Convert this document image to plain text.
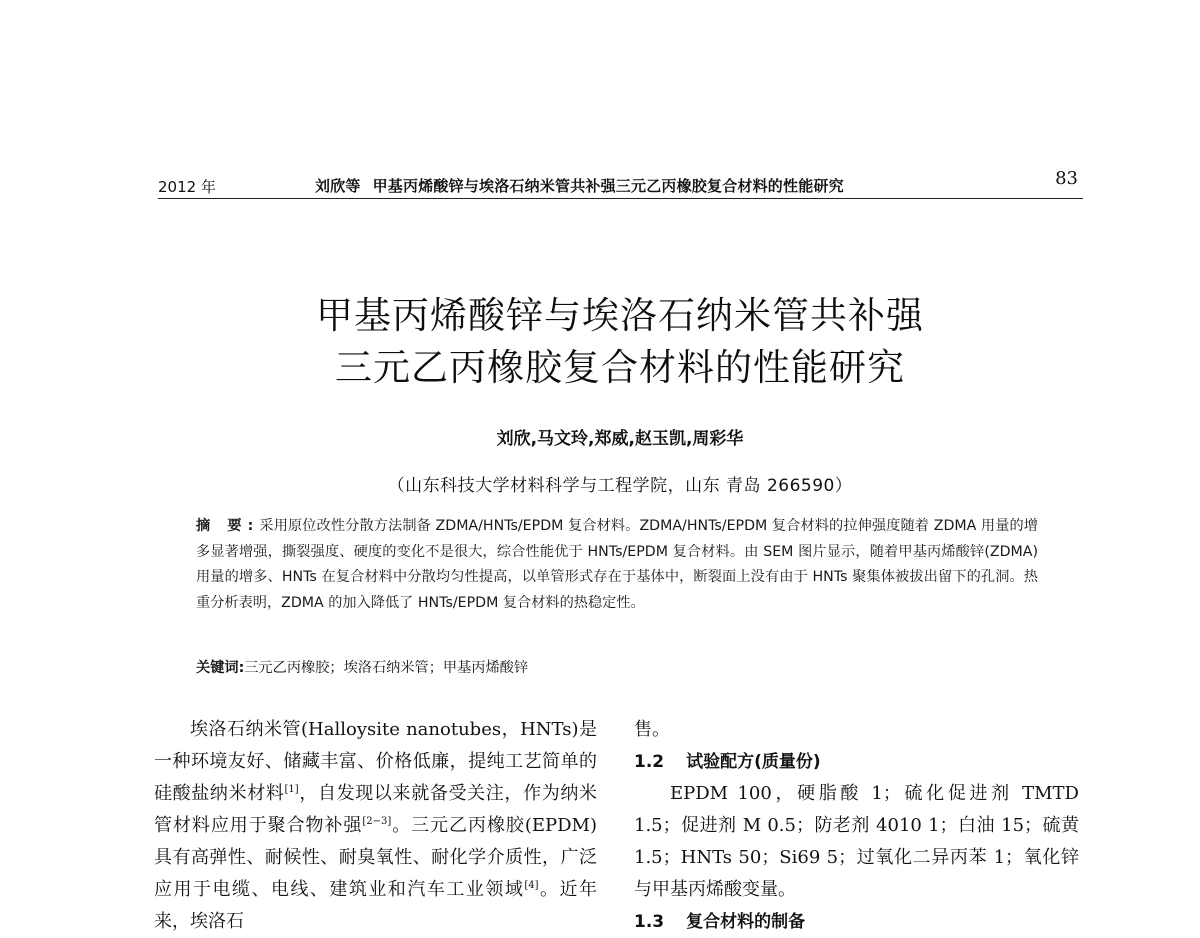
2012 年	刘欣等 甲基丙烯酸锌与埃洛石纳米管共补强三元乙丙橡胶复合材料的性能研究	83
甲基丙烯酸锌与埃洛石纳米管共补强
三元乙丙橡胶复合材料的性能研究
刘欣,马文玲,郑威,赵玉凯,周彩华
（山东科技大学材料科学与工程学院，山东 青岛 266590）
摘 要:采用原位改性分散方法制备 ZDMA/HNTs/EPDM 复合材料。ZDMA/HNTs/EPDM 复合材料的拉伸强度随着 ZDMA 用量的增多显著增强，撕裂强度、硬度的变化不是很大，综合性能优于 HNTs/EPDM 复合材料。由 SEM 图片显示，随着甲基丙烯酸锌(ZDMA)用量的增多、HNTs 在复合材料中分散均匀性提高，以单管形式存在于基体中，断裂面上没有由于 HNTs 聚集体被拔出留下的孔洞。热重分析表明，ZDMA 的加入降低了 HNTs/EPDM 复合材料的热稳定性。
关键词:三元乙丙橡胶；埃洛石纳米管；甲基丙烯酸锌

埃洛石纳米管(Halloysite nanotubes，HNTs)是一种环境友好、储藏丰富、价格低廉，提纯工艺简单的硅酸盐纳米材料[1]，自发现以来就备受关注，作为纳米管材料应用于聚合物补强[2−3]。三元乙丙橡胶(EPDM)具有高弹性、耐候性、耐臭氧性、耐化学介质性，广泛应用于电缆、电线、建筑业和汽车工业领域[4]。近年来，埃洛石

售。

1.2 试验配方(质量份)

EPDM 100，硬脂酸 1；硫化促进剂 TMTD 1.5；促进剂 M 0.5；防老剂 4010 1；白油 15；硫黄 1.5；HNTs 50；Si69 5；过氧化二异丙苯 1；氧化锌与甲基丙烯酸变量。

1.3 复合材料的制备
